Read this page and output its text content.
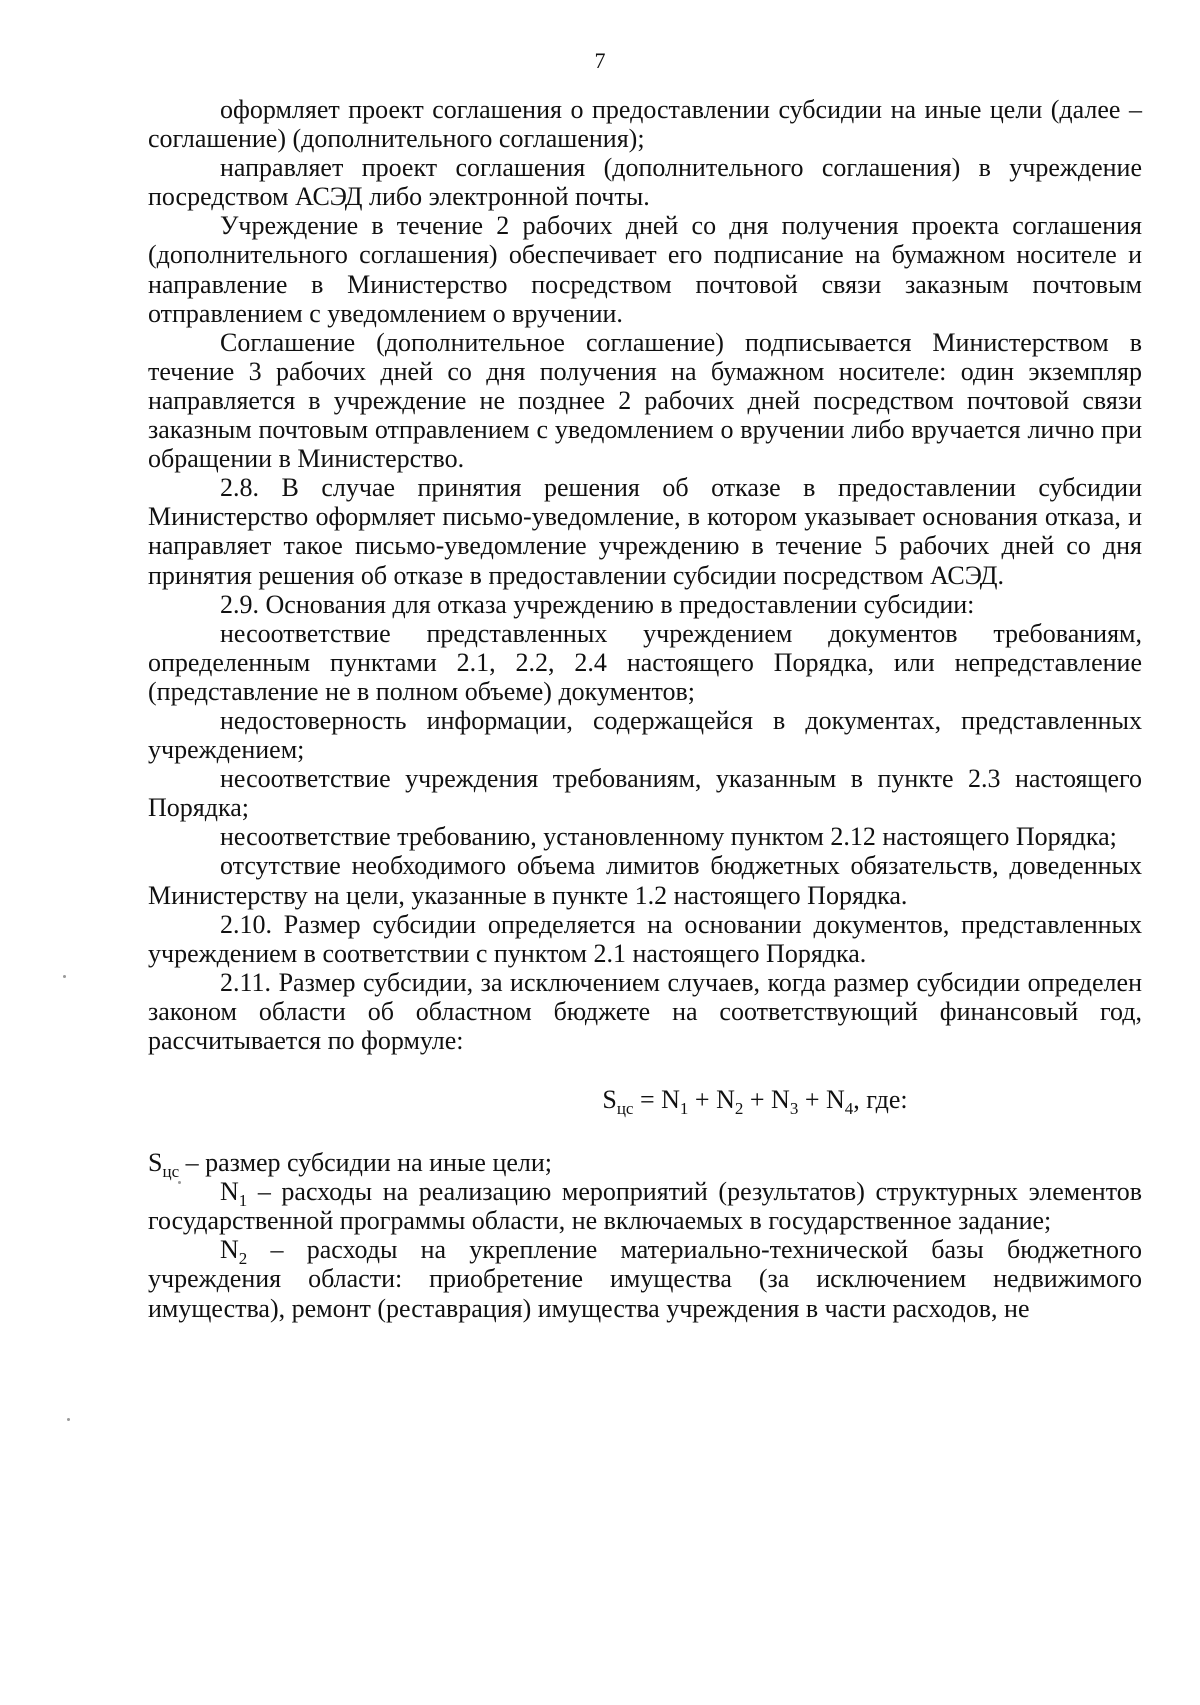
7

оформляет проект соглашения о предоставлении субсидии на иные цели (далее – соглашение) (дополнительного соглашения);

направляет проект соглашения (дополнительного соглашения) в учреждение посредством АСЭД либо электронной почты.

Учреждение в течение 2 рабочих дней со дня получения проекта соглашения (дополнительного соглашения) обеспечивает его подписание на бумажном носителе и направление в Министерство посредством почтовой связи заказным почтовым отправлением с уведомлением о вручении.

Соглашение (дополнительное соглашение) подписывается Министерством в течение 3 рабочих дней со дня получения на бумажном носителе: один экземпляр направляется в учреждение не позднее 2 рабочих дней посредством почтовой связи заказным почтовым отправлением с уведомлением о вручении либо вручается лично при обращении в Министерство.

2.8. В случае принятия решения об отказе в предоставлении субсидии Министерство оформляет письмо-уведомление, в котором указывает основания отказа, и направляет такое письмо-уведомление учреждению в течение 5 рабочих дней со дня принятия решения об отказе в предоставлении субсидии посредством АСЭД.

2.9. Основания для отказа учреждению в предоставлении субсидии:

несоответствие представленных учреждением документов требованиям, определенным пунктами 2.1, 2.2, 2.4 настоящего Порядка, или непредставление (представление не в полном объеме) документов;

недостоверность информации, содержащейся в документах, представленных учреждением;

несоответствие учреждения требованиям, указанным в пункте 2.3 настоящего Порядка;

несоответствие требованию, установленному пунктом 2.12 настоящего Порядка;

отсутствие необходимого объема лимитов бюджетных обязательств, доведенных Министерству на цели, указанные в пункте 1.2 настоящего Порядка.

2.10. Размер субсидии определяется на основании документов, представленных учреждением в соответствии с пунктом 2.1 настоящего Порядка.

2.11. Размер субсидии, за исключением случаев, когда размер субсидии определен законом области об областном бюджете на соответствующий финансовый год, рассчитывается по формуле:

$S_{цс} = N_1 + N_2 + N_3 + N_4$, где:

$S_{цс}$ – размер субсидии на иные цели;

$N_1$ – расходы на реализацию мероприятий (результатов) структурных элементов государственной программы области, не включаемых в государственное задание;

$N_2$ – расходы на укрепление материально-технической базы бюджетного учреждения области: приобретение имущества (за исключением недвижимого имущества), ремонт (реставрация) имущества учреждения в части расходов, не
